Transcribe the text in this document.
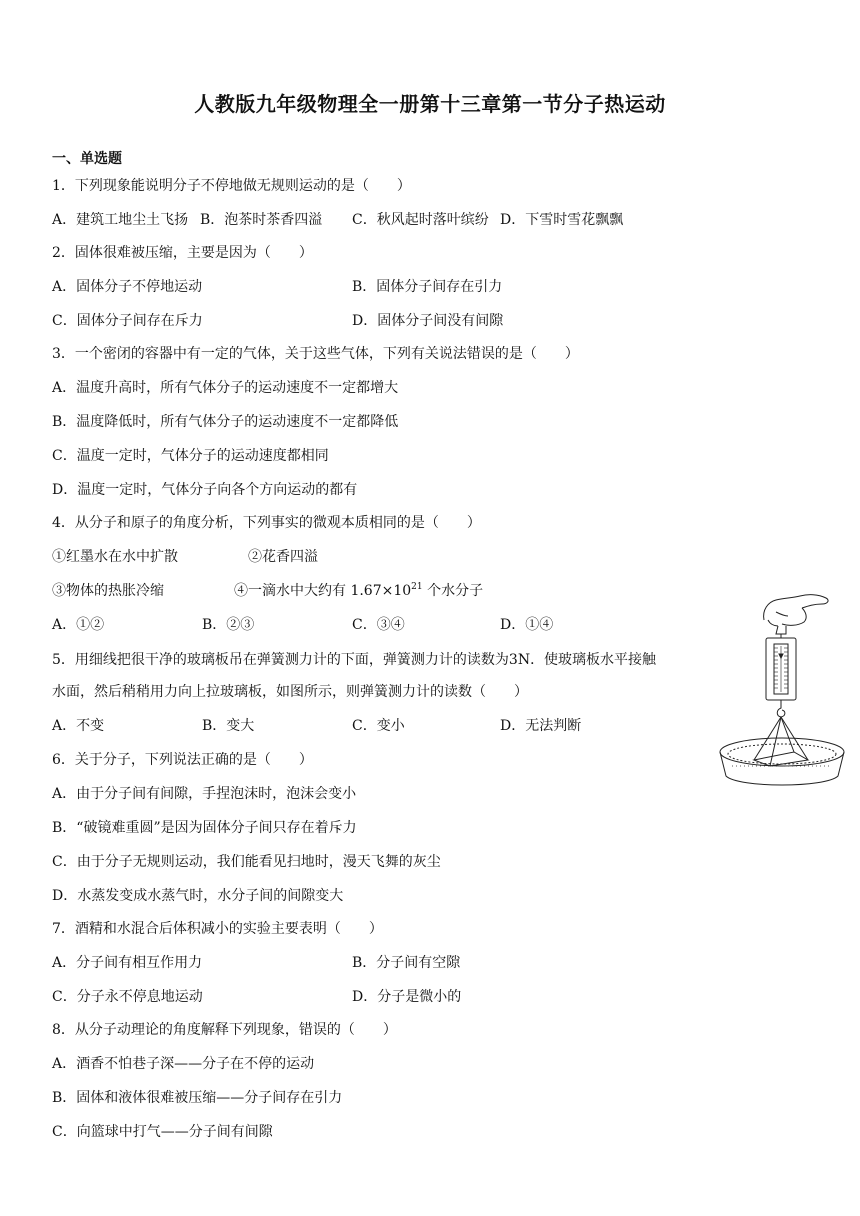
人教版九年级物理全一册第十三章第一节分子热运动
一、单选题
1．下列现象能说明分子不停地做无规则运动的是（　　）
A．建筑工地尘土飞扬 B．泡茶时茶香四溢 C．秋风起时落叶缤纷 D．下雪时雪花飘飘
2．固体很难被压缩，主要是因为（　　）
A．固体分子不停地运动	B．固体分子间存在引力
C．固体分子间存在斥力	D．固体分子间没有间隙
3．一个密闭的容器中有一定的气体，关于这些气体，下列有关说法错误的是（　　）
A．温度升高时，所有气体分子的运动速度不一定都增大
B．温度降低时，所有气体分子的运动速度不一定都降低
C．温度一定时，气体分子的运动速度都相同
D．温度一定时，气体分子向各个方向运动的都有
4．从分子和原子的角度分析，下列事实的微观本质相同的是（　　）
①红墨水在水中扩散	②花香四溢
③物体的热胀冷缩	④一滴水中大约有 $1.67\times 10^{21}$ 个水分子
A．①②	B．②③	C．③④	D．①④
5．用细线把很干净的玻璃板吊在弹簧测力计的下面，弹簧测力计的读数为3N．使玻璃板水平接触
水面，然后稍稍用力向上拉玻璃板，如图所示，则弹簧测力计的读数（　　）
A．不变	B．变大	C．变小	D．无法判断
6．关于分子，下列说法正确的是（　　）
A．由于分子间有间隙，手捏泡沫时，泡沫会变小
B．“破镜难重圆”是因为固体分子间只存在着斥力
C．由于分子无规则运动，我们能看见扫地时，漫天飞舞的灰尘
D．水蒸发变成水蒸气时，水分子间的间隙变大
7．酒精和水混合后体积减小的实验主要表明（　　）
A．分子间有相互作用力	B．分子间有空隙
C．分子永不停息地运动	D．分子是微小的
8．从分子动理论的角度解释下列现象，错误的（　　）
A．酒香不怕巷子深——分子在不停的运动
B．固体和液体很难被压缩——分子间存在引力
C．向篮球中打气——分子间有间隙
